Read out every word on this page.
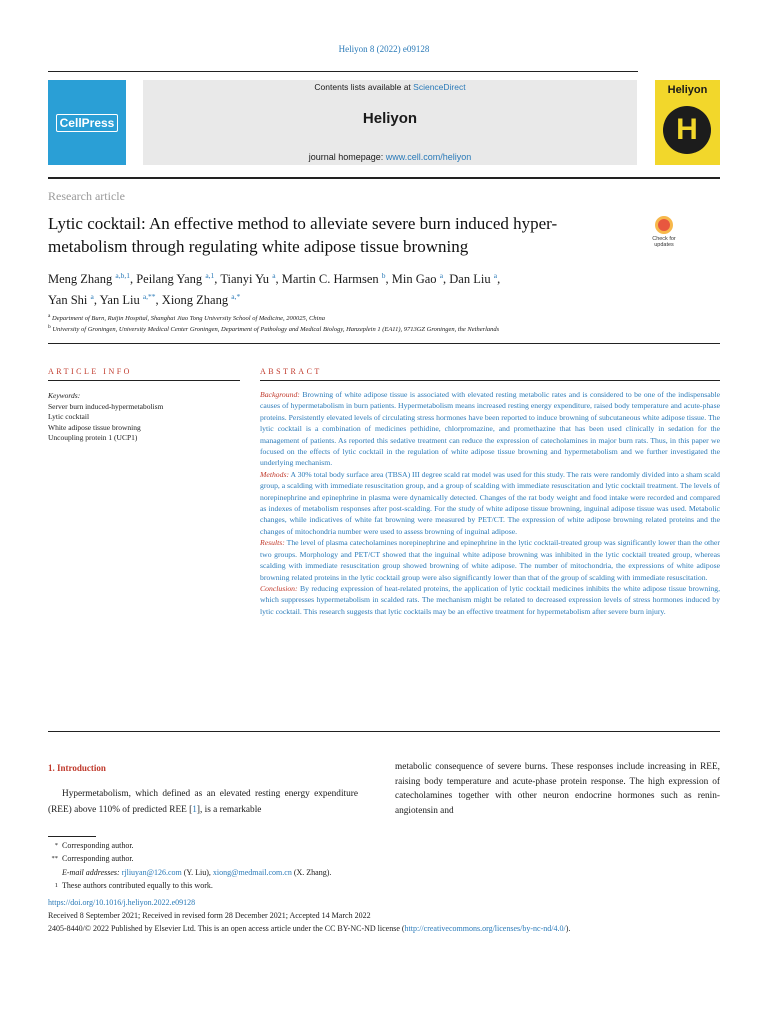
Heliyon 8 (2022) e09128
CellPress
Contents lists available at ScienceDirect
Heliyon
journal homepage: www.cell.com/heliyon
Heliyon
H
Research article
Lytic cocktail: An effective method to alleviate severe burn induced hyper-metabolism through regulating white adipose tissue browning	Check for updates
Meng Zhang $^{a,b,1}$, Peilang Yang $^{a,1}$, Tianyi Yu $^a$, Martin C. Harmsen $^b$, Min Gao $^a$, Dan Liu $^a$,
Yan Shi $^a$, Yan Liu $^{a,**}$, Xiong Zhang $^{a,*}$
$^a$ Department of Burn, Ruijin Hospital, Shanghai Jiao Tong University School of Medicine, 200025, China
$^b$ University of Groningen, University Medical Center Groningen, Department of Pathology and Medical Biology, Hanzeplein 1 (EA11), 9713GZ Groningen, the Netherlands
ARTICLE INFO
Keywords:
Server burn induced-hypermetabolism
Lytic cocktail
White adipose tissue browning
Uncoupling protein 1 (UCP1)
ABSTRACT

Background: Browning of white adipose tissue is associated with elevated resting metabolic rates and is considered to be one of the indispensable causes of hypermetabolism in burn patients. Hypermetabolism means increased resting energy expenditure, raised body temperature and acute-phase proteins. Persistently elevated levels of circulating stress hormones have been reported to induce browning of subcutaneous white adipose tissue. The lytic cocktail is a combination of medicines pethidine, chlorpromazine, and promethazine that has been used clinically in sedation for the management of patients. As reported this sedative treatment can reduce the expression of catecholamines in major burn rats. Thus, in this paper we focused on the effects of lytic cocktail in the regulation of white adipose tissue browning and hypermetabolism and we further investigated the underlying mechanism.

Methods: A 30% total body surface area (TBSA) III degree scald rat model was used for this study. The rats were randomly divided into a sham scald group, a scalding with immediate resuscitation group, and a group of scalding with immediate resuscitation and lytic cocktail treatment. The levels of norepinephrine and epinephrine in plasma were dynamically detected. Changes of the rat body weight and food intake were recorded and compared as indexes of metabolism responses after post-scalding. For the study of white adipose tissue browning, inguinal adipose tissue was used. Metabolic changes, while indicatives of white fat browning were measured by PET/CT. The expression of white adipose browning related proteins and the changes of mitochondria number were used to assess browning of inguinal adipose.

Results: The level of plasma catecholamines norepinephrine and epinephrine in the lytic cocktail-treated group was significantly lower than the other two groups. Morphology and PET/CT showed that the inguinal white adipose browning was inhibited in the lytic cocktail treated group, whereas scalding with immediate resuscitation group showed browning of white adipose. The number of mitochondria, the expressions of white adipose browning related proteins in the lytic cocktail group were also significantly lower than that of the group of scalding with immediate resuscitation.

Conclusion: By reducing expression of heat-related proteins, the application of lytic cocktail medicines inhibits the white adipose tissue browning, which suppresses hypermetabolism in scalded rats. The mechanism might be related to decreased expression levels of stress hormones induced by lytic cocktail. This research suggests that lytic cocktails may be an effective treatment for hypermetabolism after severe burn injury.

1. Introduction
Hypermetabolism, which defined as an elevated resting energy expenditure (REE) above 110% of predicted REE [1], is a remarkable
metabolic consequence of severe burns. These responses include increasing in REE, raising body temperature and acute-phase protein response. The high expression of catecholamines together with other neuron endocrine hormones such as renin-angiotensin and
* Corresponding author.
** Corresponding author.
E-mail addresses: rjliuyan@126.com (Y. Liu), xiong@medmail.com.cn (X. Zhang).
1 These authors contributed equally to this work.
https://doi.org/10.1016/j.heliyon.2022.e09128
Received 8 September 2021; Received in revised form 28 December 2021; Accepted 14 March 2022
2405-8440/© 2022 Published by Elsevier Ltd. This is an open access article under the CC BY-NC-ND license (http://creativecommons.org/licenses/by-nc-nd/4.0/).
